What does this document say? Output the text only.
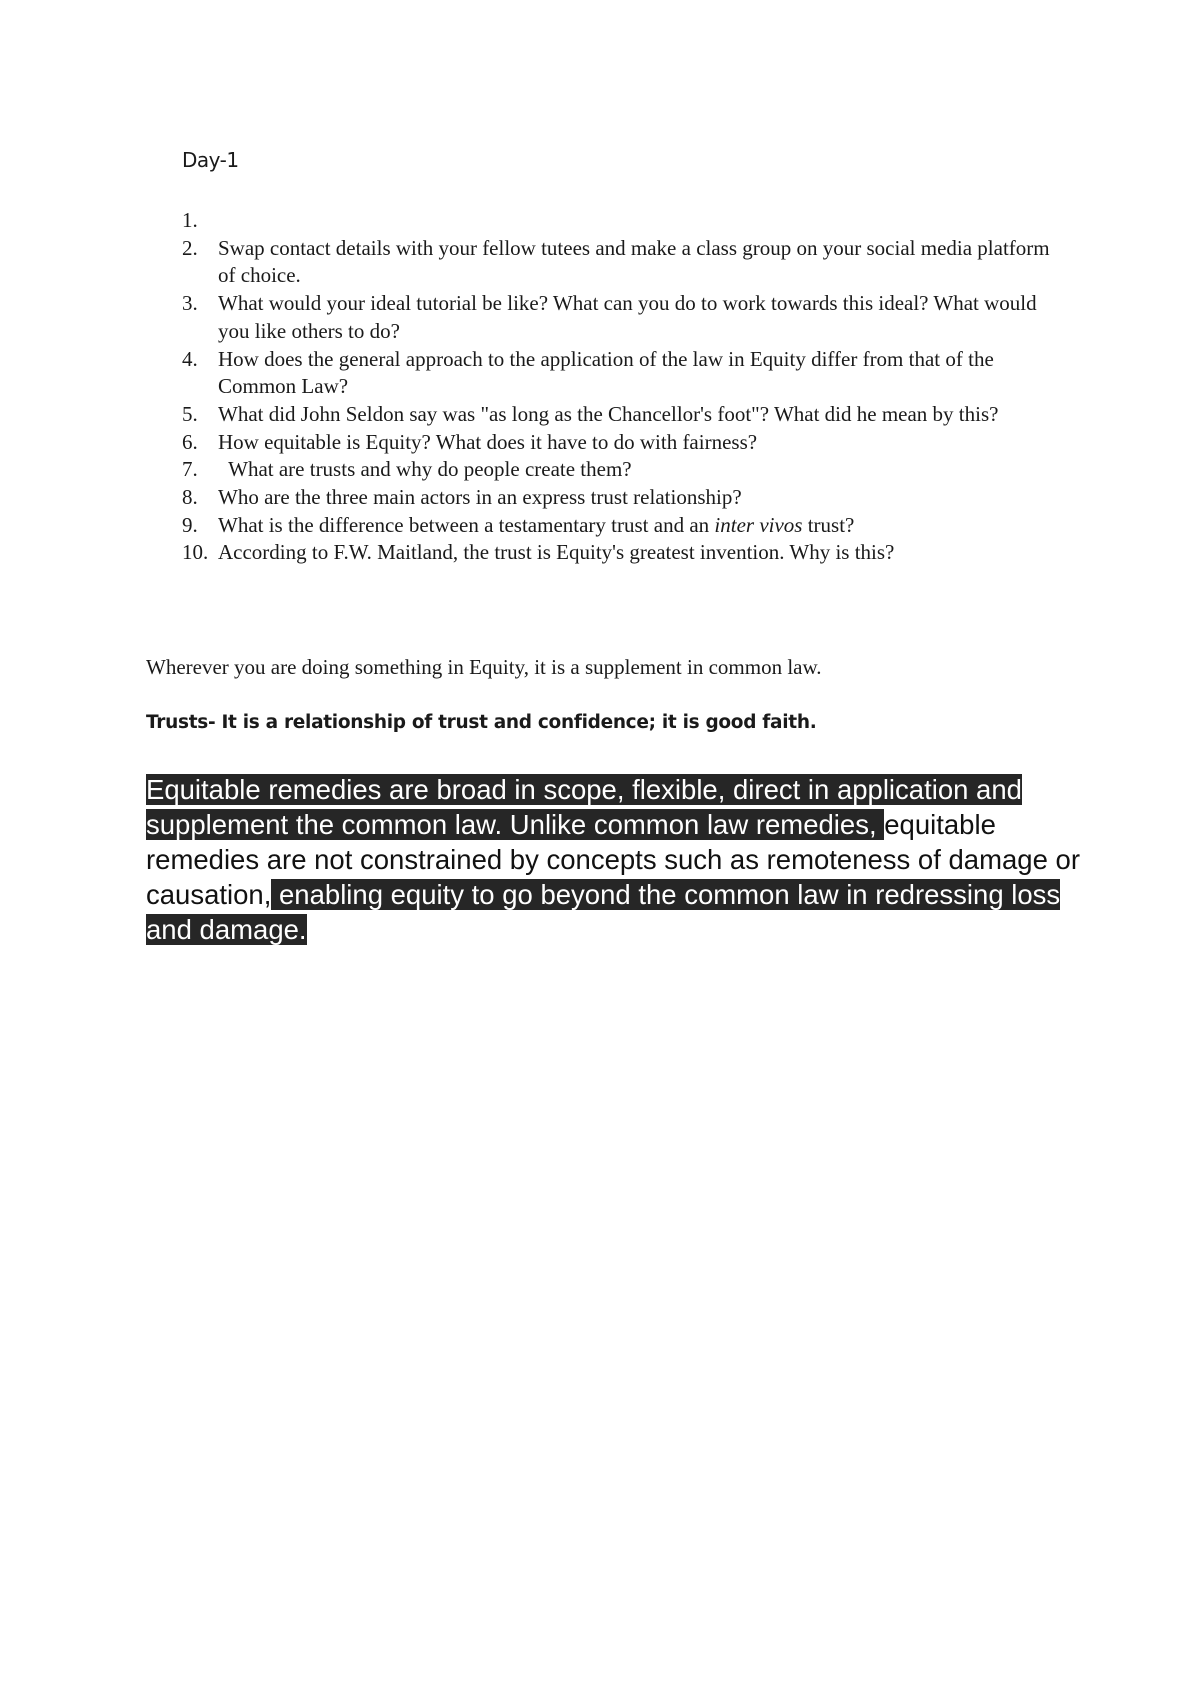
Day-1
1.

2. Swap contact details with your fellow tutees and make a class group on your social media platform of choice.
3. What would your ideal tutorial be like? What can you do to work towards this ideal? What would you like others to do?
4. How does the general approach to the application of the law in Equity differ from that of the Common Law?
5. What did John Seldon say was "as long as the Chancellor's foot"? What did he mean by this?
6. How equitable is Equity? What does it have to do with fairness?
7. What are trusts and why do people create them?
8. Who are the three main actors in an express trust relationship?
9. What is the difference between a testamentary trust and an inter vivos trust?
10. According to F.W. Maitland, the trust is Equity's greatest invention. Why is this?
Wherever you are doing something in Equity, it is a supplement in common law.
Trusts- It is a relationship of trust and confidence; it is good faith.
Equitable remedies are broad in scope, flexible, direct in application and supplement the common law. Unlike common law remedies, equitable remedies are not constrained by concepts such as remoteness of damage or causation, enabling equity to go beyond the common law in redressing loss and damage.
